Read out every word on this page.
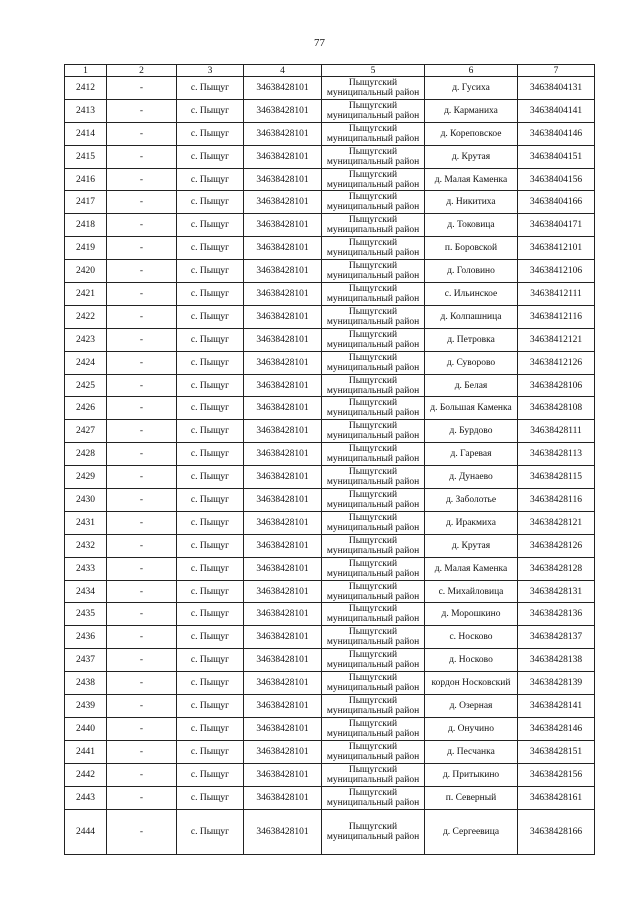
77
1	2	3	4	5	6	7
2412	-	с. Пыщуг	34638428101	Пыщугский муниципальный район	д. Гусиха	34638404131
2413	-	с. Пыщуг	34638428101	Пыщугский муниципальный район	д. Карманиха	34638404141
2414	-	с. Пыщуг	34638428101	Пыщугский муниципальный район	д. Кореповское	34638404146
2415	-	с. Пыщуг	34638428101	Пыщугский муниципальный район	д. Крутая	34638404151
2416	-	с. Пыщуг	34638428101	Пыщугский муниципальный район	д. Малая Каменка	34638404156
2417	-	с. Пыщуг	34638428101	Пыщугский муниципальный район	д. Никитиха	34638404166
2418	-	с. Пыщуг	34638428101	Пыщугский муниципальный район	д. Токовица	34638404171
2419	-	с. Пыщуг	34638428101	Пыщугский муниципальный район	п. Боровской	34638412101
2420	-	с. Пыщуг	34638428101	Пыщугский муниципальный район	д. Головино	34638412106
2421	-	с. Пыщуг	34638428101	Пыщугский муниципальный район	с. Ильинское	34638412111
2422	-	с. Пыщуг	34638428101	Пыщугский муниципальный район	д. Колпашница	34638412116
2423	-	с. Пыщуг	34638428101	Пыщугский муниципальный район	д. Петровка	34638412121
2424	-	с. Пыщуг	34638428101	Пыщугский муниципальный район	д. Суворово	34638412126
2425	-	с. Пыщуг	34638428101	Пыщугский муниципальный район	д. Белая	34638428106
2426	-	с. Пыщуг	34638428101	Пыщугский муниципальный район	д. Большая Каменка	34638428108
2427	-	с. Пыщуг	34638428101	Пыщугский муниципальный район	д. Бурдово	34638428111
2428	-	с. Пыщуг	34638428101	Пыщугский муниципальный район	д. Гаревая	34638428113
2429	-	с. Пыщуг	34638428101	Пыщугский муниципальный район	д. Дунаево	34638428115
2430	-	с. Пыщуг	34638428101	Пыщугский муниципальный район	д. Заболотье	34638428116
2431	-	с. Пыщуг	34638428101	Пыщугский муниципальный район	д. Иракмиха	34638428121
2432	-	с. Пыщуг	34638428101	Пыщугский муниципальный район	д. Крутая	34638428126
2433	-	с. Пыщуг	34638428101	Пыщугский муниципальный район	д. Малая Каменка	34638428128
2434	-	с. Пыщуг	34638428101	Пыщугский муниципальный район	с. Михайловица	34638428131
2435	-	с. Пыщуг	34638428101	Пыщугский муниципальный район	д. Морошкино	34638428136
2436	-	с. Пыщуг	34638428101	Пыщугский муниципальный район	с. Носково	34638428137
2437	-	с. Пыщуг	34638428101	Пыщугский муниципальный район	д. Носково	34638428138
2438	-	с. Пыщуг	34638428101	Пыщугский муниципальный район	кордон Носковский	34638428139
2439	-	с. Пыщуг	34638428101	Пыщугский муниципальный район	д. Озерная	34638428141
2440	-	с. Пыщуг	34638428101	Пыщугский муниципальный район	д. Онучино	34638428146
2441	-	с. Пыщуг	34638428101	Пыщугский муниципальный район	д. Песчанка	34638428151
2442	-	с. Пыщуг	34638428101	Пыщугский муниципальный район	д. Притыкино	34638428156
2443	-	с. Пыщуг	34638428101	Пыщугский муниципальный район	п. Северный	34638428161
2444	-	с. Пыщуг	34638428101	Пыщугский муниципальный район	д. Сергеевица	34638428166
